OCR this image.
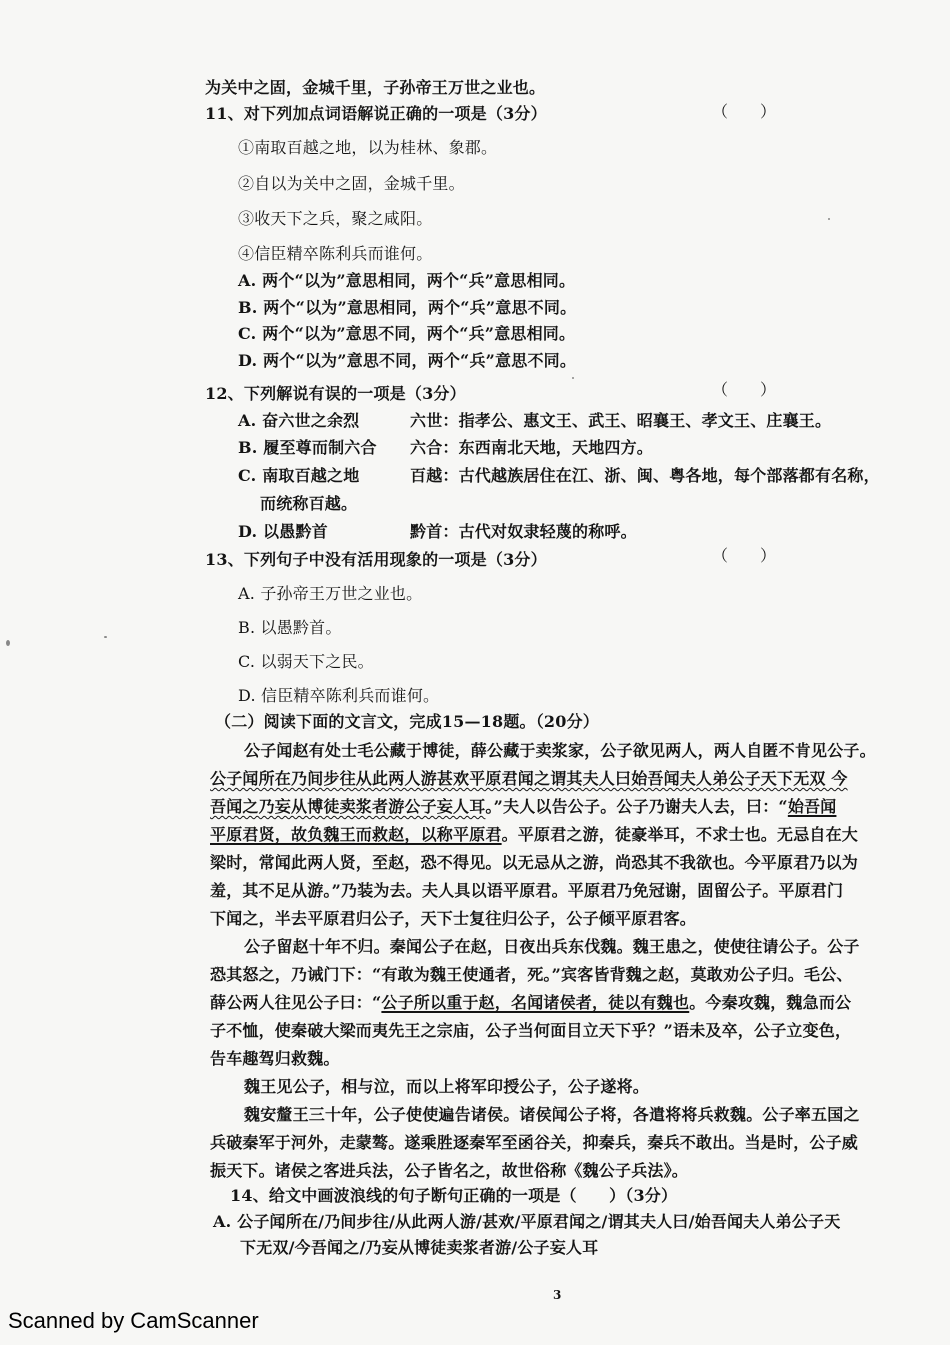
为关中之固，金城千里，子孙帝王万世之业也。
11、对下列加点词语解说正确的一项是（3分）	（　　）
①南取百越之地，以为桂林、象郡。
②自以为关中之固，金城千里。
③收天下之兵，聚之咸阳。
④信臣精卒陈利兵而谁何。
A. 两个“以为”意思相同，两个“兵”意思相同。
B. 两个“以为”意思相同，两个“兵”意思不同。
C. 两个“以为”意思不同，两个“兵”意思相同。
D. 两个“以为”意思不同，两个“兵”意思不同。
12、下列解说有误的一项是（3分）	（　　）
A. 奋六世之余烈	六世：指孝公、惠文王、武王、昭襄王、孝文王、庄襄王。
B. 履至尊而制六合 六合：东西南北天地，天地四方。
C. 南取百越之地	百越：古代越族居住在江、浙、闽、粤各地，每个部落都有名称，
而统称百越。
D. 以愚黔首	黔首：古代对奴隶轻蔑的称呼。
13、下列句子中没有活用现象的一项是（3分）	（　　）
A. 子孙帝王万世之业也。
B. 以愚黔首。
C. 以弱天下之民。
D. 信臣精卒陈利兵而谁何。
（二）阅读下面的文言文，完成15—18题。（20分）
公子闻赵有处士毛公藏于博徒，薛公藏于卖浆家，公子欲见两人，两人自匿不肯见公子。
公子闻所在乃间步往从此两人游甚欢平原君闻之谓其夫人曰始吾闻夫人弟公子天下无双 今
吾闻之乃妄从博徒卖浆者游公子妄人耳。”夫人以告公子。公子乃谢夫人去，曰：“始吾闻
平原君贤，故负魏王而救赵，以称平原君。平原君之游，徒豪举耳，不求士也。无忌自在大
梁时，常闻此两人贤，至赵，恐不得见。以无忌从之游，尚恐其不我欲也。今平原君乃以为
羞，其不足从游。”乃装为去。夫人具以语平原君。平原君乃免冠谢，固留公子。平原君门
下闻之，半去平原君归公子，天下士复往归公子，公子倾平原君客。
公子留赵十年不归。秦闻公子在赵，日夜出兵东伐魏。魏王患之，使使往请公子。公子
恐其怒之，乃诫门下：“有敢为魏王使通者，死。”宾客皆背魏之赵，莫敢劝公子归。毛公、
薛公两人往见公子曰：“公子所以重于赵，名闻诸侯者，徒以有魏也。今秦攻魏，魏急而公
子不恤，使秦破大梁而夷先王之宗庙，公子当何面目立天下乎？”语未及卒，公子立变色，
告车趣驾归救魏。
魏王见公子，相与泣，而以上将军印授公子，公子遂将。
魏安釐王三十年，公子使使遍告诸侯。诸侯闻公子将，各遣将将兵救魏。公子率五国之
兵破秦军于河外，走蒙骜。遂乘胜逐秦军至函谷关，抑秦兵，秦兵不敢出。当是时，公子威
振天下。诸侯之客进兵法，公子皆名之，故世俗称《魏公子兵法》。
14、给文中画波浪线的句子断句正确的一项是（　　）（3分）
A. 公子闻所在/乃间步往/从此两人游/甚欢/平原君闻之/谓其夫人曰/始吾闻夫人弟公子天
下无双/今吾闻之/乃妄从博徒卖浆者游/公子妄人耳
3
Scanned by CamScanner
